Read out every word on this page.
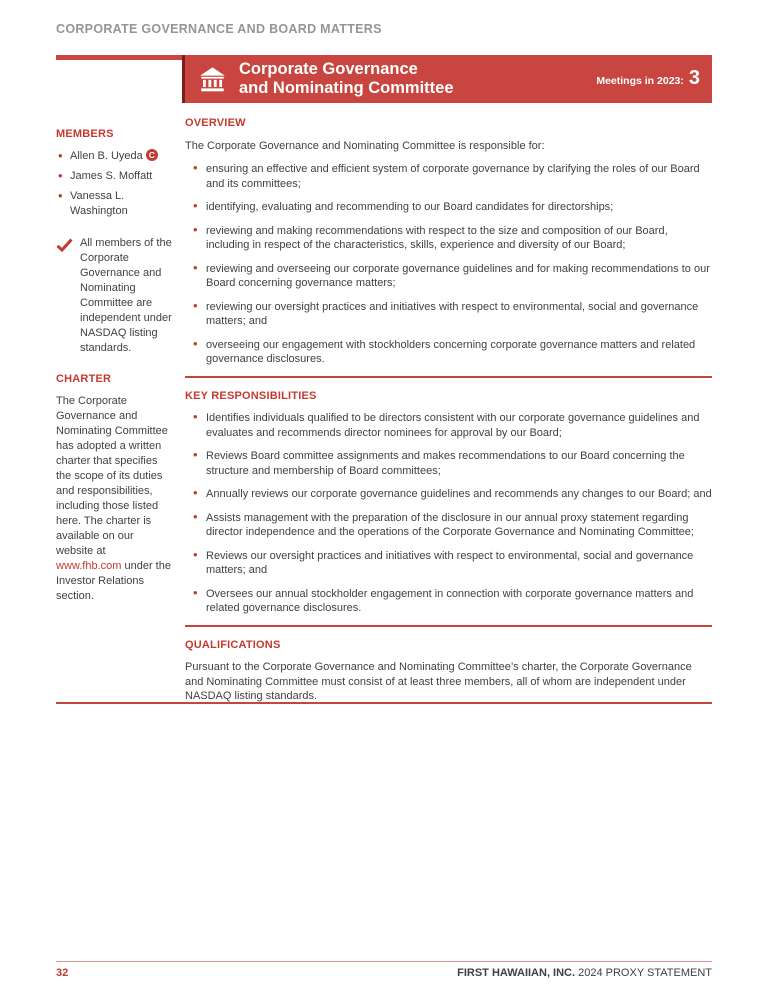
CORPORATE GOVERNANCE AND BOARD MATTERS
Corporate Governance
and Nominating Committee	Meetings in 2023: 3
MEMBERS
• Allen B. Uyeda C
• James S. Moffatt
• Vanessa L. Washington
All members of the Corporate Governance and Nominating Committee are independent under NASDAQ listing standards.
CHARTER
The Corporate Governance and Nominating Committee has adopted a written charter that specifies the scope of its duties and responsibilities, including those listed here. The charter is available on our website at www.fhb.com under the Investor Relations section.
OVERVIEW
The Corporate Governance and Nominating Committee is responsible for:
• ensuring an effective and efficient system of corporate governance by clarifying the roles of our Board and its committees;
• identifying, evaluating and recommending to our Board candidates for directorships;
• reviewing and making recommendations with respect to the size and composition of our Board, including in respect of the characteristics, skills, experience and diversity of our Board;
• reviewing and overseeing our corporate governance guidelines and for making recommendations to our Board concerning governance matters;
• reviewing our oversight practices and initiatives with respect to environmental, social and governance matters; and
• overseeing our engagement with stockholders concerning corporate governance matters and related governance disclosures.
KEY RESPONSIBILITIES
• Identifies individuals qualified to be directors consistent with our corporate governance guidelines and evaluates and recommends director nominees for approval by our Board;
• Reviews Board committee assignments and makes recommendations to our Board concerning the structure and membership of Board committees;
• Annually reviews our corporate governance guidelines and recommends any changes to our Board; and
• Assists management with the preparation of the disclosure in our annual proxy statement regarding director independence and the operations of the Corporate Governance and Nominating Committee;
• Reviews our oversight practices and initiatives with respect to environmental, social and governance matters; and
• Oversees our annual stockholder engagement in connection with corporate governance matters and related governance disclosures.
QUALIFICATIONS
Pursuant to the Corporate Governance and Nominating Committee’s charter, the Corporate Governance and Nominating Committee must consist of at least three members, all of whom are independent under NASDAQ listing standards.
32	FIRST HAWAIIAN, INC. 2024 PROXY STATEMENT
